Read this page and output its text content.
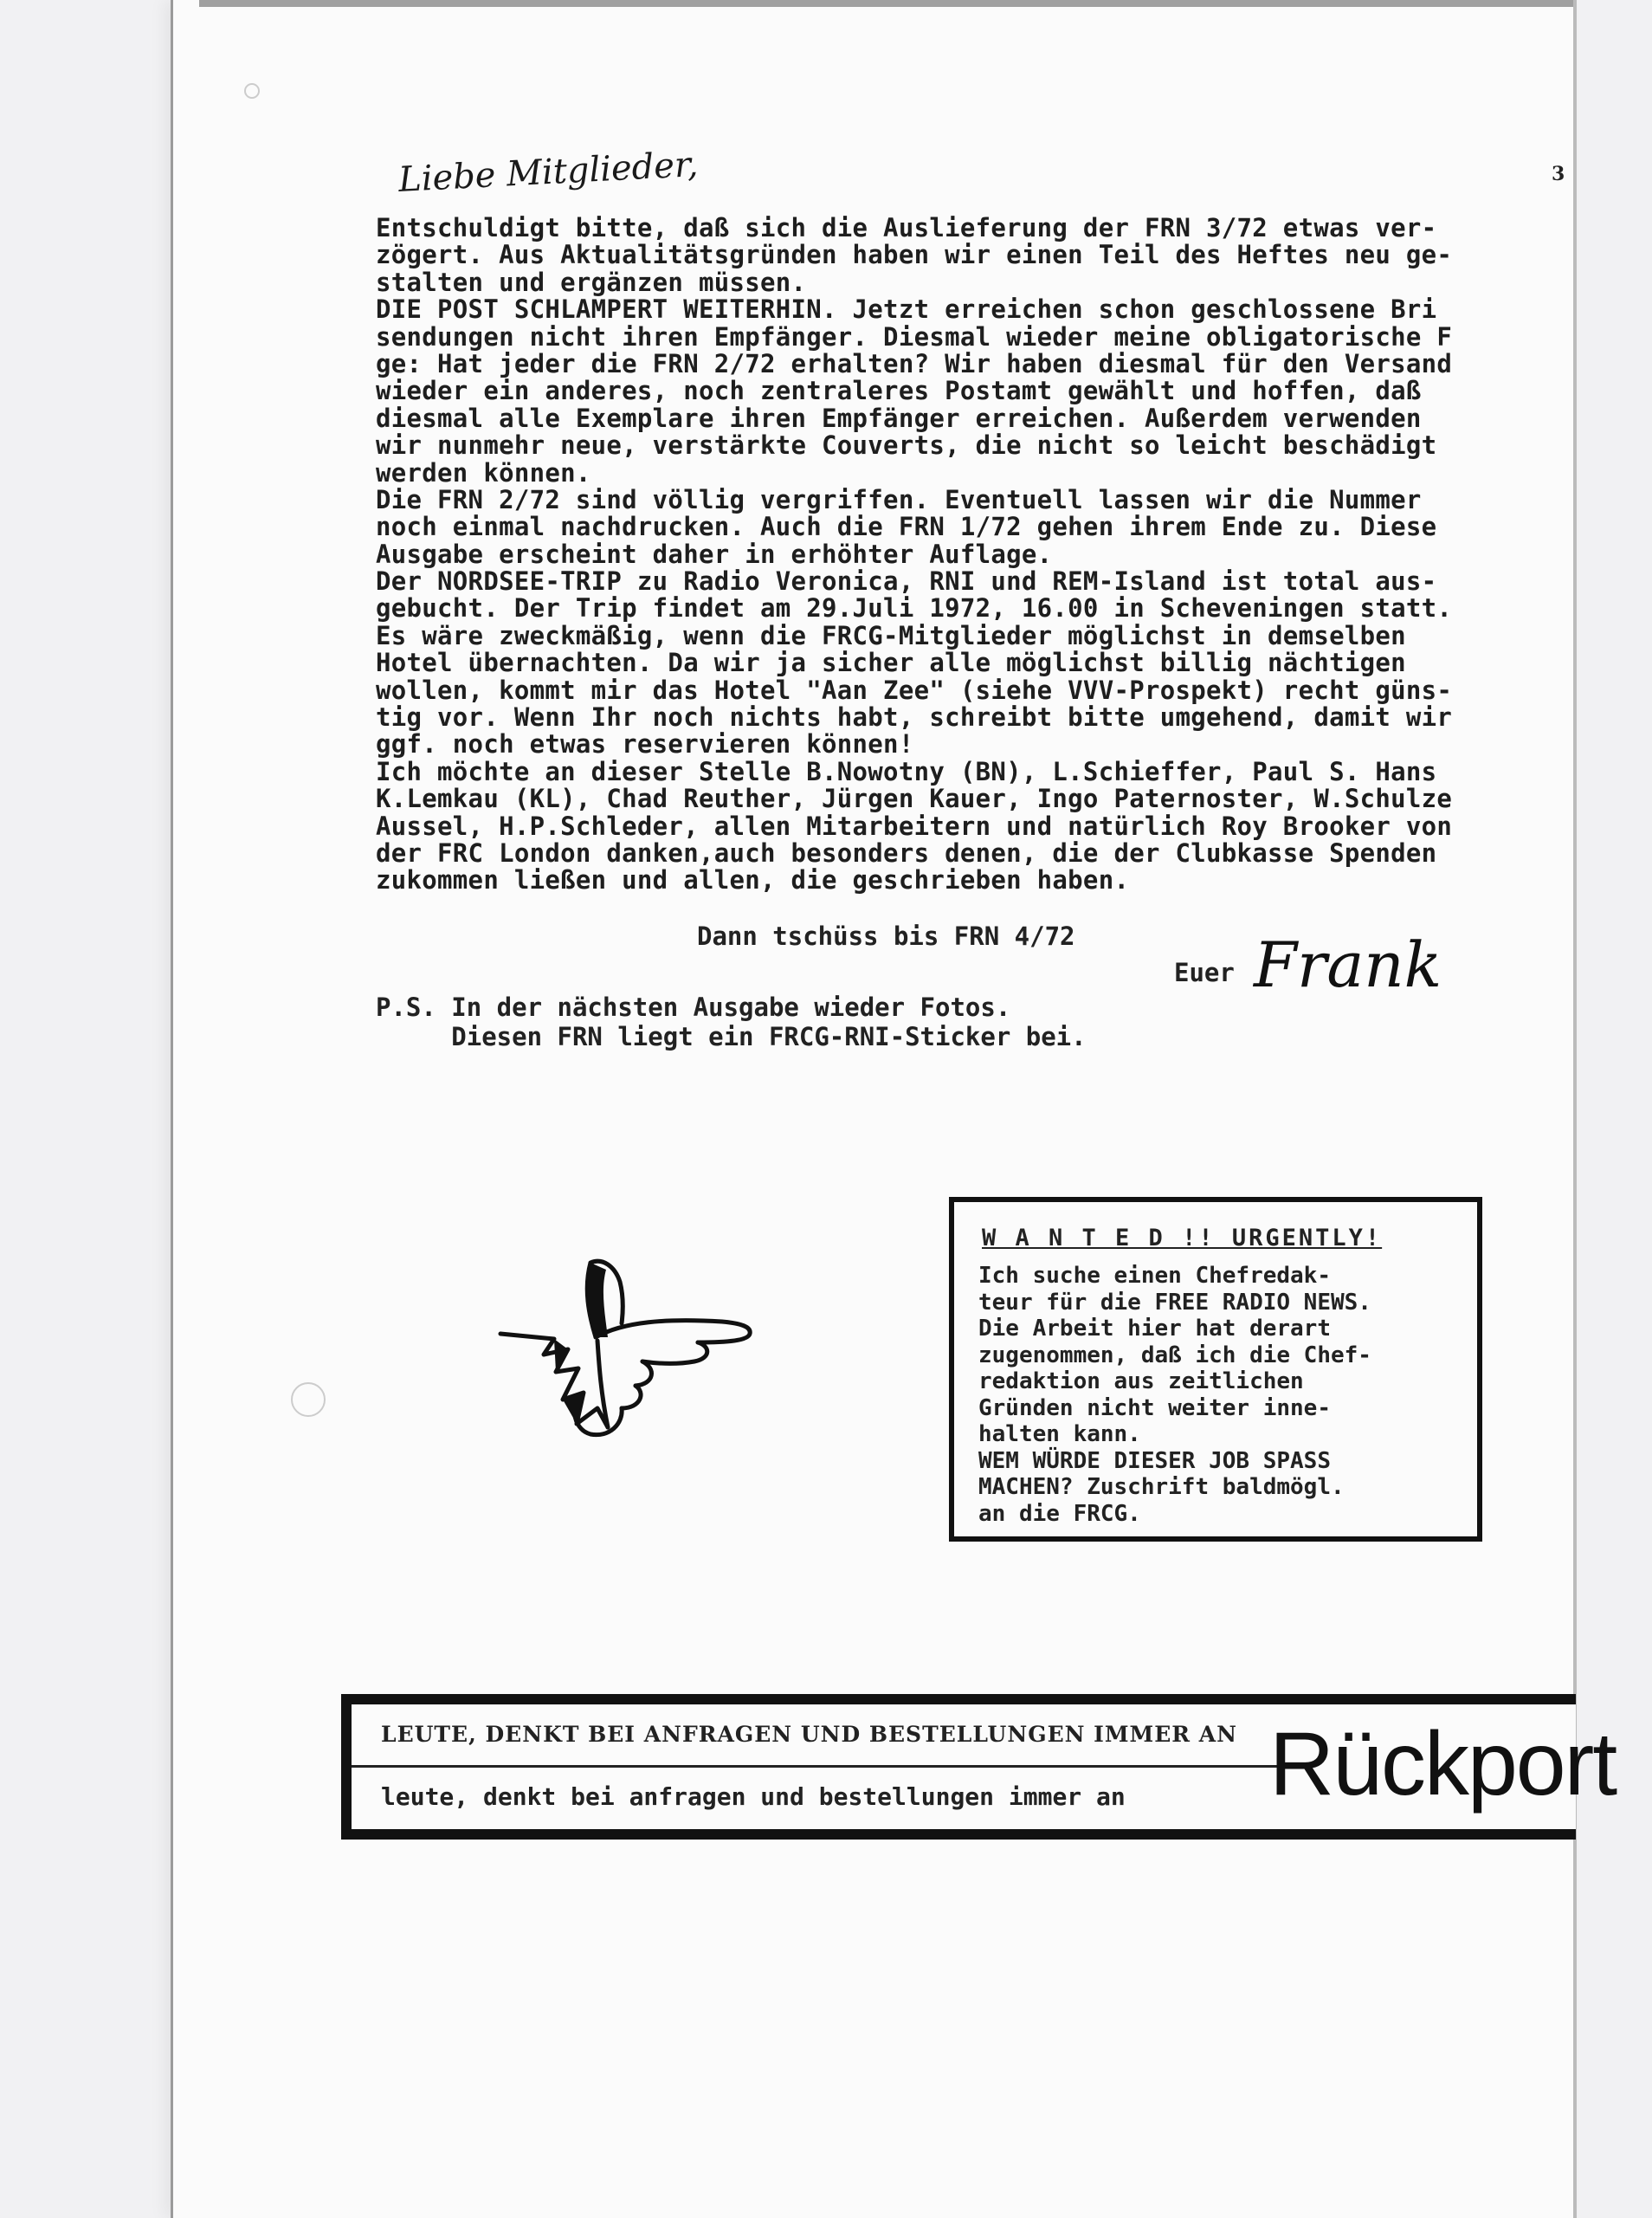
3
Liebe Mitglieder,
Entschuldigt bitte, daß sich die Auslieferung der FRN 3/72 etwas ver-
zögert. Aus Aktualitätsgründen haben wir einen Teil des Heftes neu ge-
stalten und ergänzen müssen.
DIE POST SCHLAMPERT WEITERHIN. Jetzt erreichen schon geschlossene Bri
sendungen nicht ihren Empfänger. Diesmal wieder meine obligatorische F
ge: Hat jeder die FRN 2/72 erhalten? Wir haben diesmal für den Versand
wieder ein anderes, noch zentraleres Postamt gewählt und hoffen, daß
diesmal alle Exemplare ihren Empfänger erreichen. Außerdem verwenden
wir nunmehr neue, verstärkte Couverts, die nicht so leicht beschädigt
werden können.
Die FRN 2/72 sind völlig vergriffen. Eventuell lassen wir die Nummer
noch einmal nachdrucken. Auch die FRN 1/72 gehen ihrem Ende zu. Diese
Ausgabe erscheint daher in erhöhter Auflage.
Der NORDSEE-TRIP zu Radio Veronica, RNI und REM-Island ist total aus-
gebucht. Der Trip findet am 29.Juli 1972, 16.00 in Scheveningen statt.
Es wäre zweckmäßig, wenn die FRCG-Mitglieder möglichst in demselben
Hotel übernachten. Da wir ja sicher alle möglichst billig nächtigen
wollen, kommt mir das Hotel "Aan Zee" (siehe VVV-Prospekt) recht güns-
tig vor. Wenn Ihr noch nichts habt, schreibt bitte umgehend, damit wir
ggf. noch etwas reservieren können!
Ich möchte an dieser Stelle B.Nowotny (BN), L.Schieffer, Paul S. Hans
K.Lemkau (KL), Chad Reuther, Jürgen Kauer, Ingo Paternoster, W.Schulze
Aussel, H.P.Schleder, allen Mitarbeitern und natürlich Roy Brooker von
der FRC London danken,auch besonders denen, die der Clubkasse Spenden
zukommen ließen und allen, die geschrieben haben.
Dann tschüss bis FRN 4/72
Euer Frank
P.S. In der nächsten Ausgabe wieder Fotos.
Diesen FRN liegt ein FRCG-RNI-Sticker bei.
W A N T E D !! URGENTLY!
Ich suche einen Chefredak-
teur für die FREE RADIO NEWS.
Die Arbeit hier hat derart
zugenommen, daß ich die Chef-
redaktion aus zeitlichen
Gründen nicht weiter inne-
halten kann.
WEM WÜRDE DIESER JOB SPASS
MACHEN? Zuschrift baldmögl.
an die FRCG.
LEUTE, DENKT BEI ANFRAGEN UND BESTELLUNGEN IMMER AN
leute, denkt bei anfragen und bestellungen immer an Rückport
